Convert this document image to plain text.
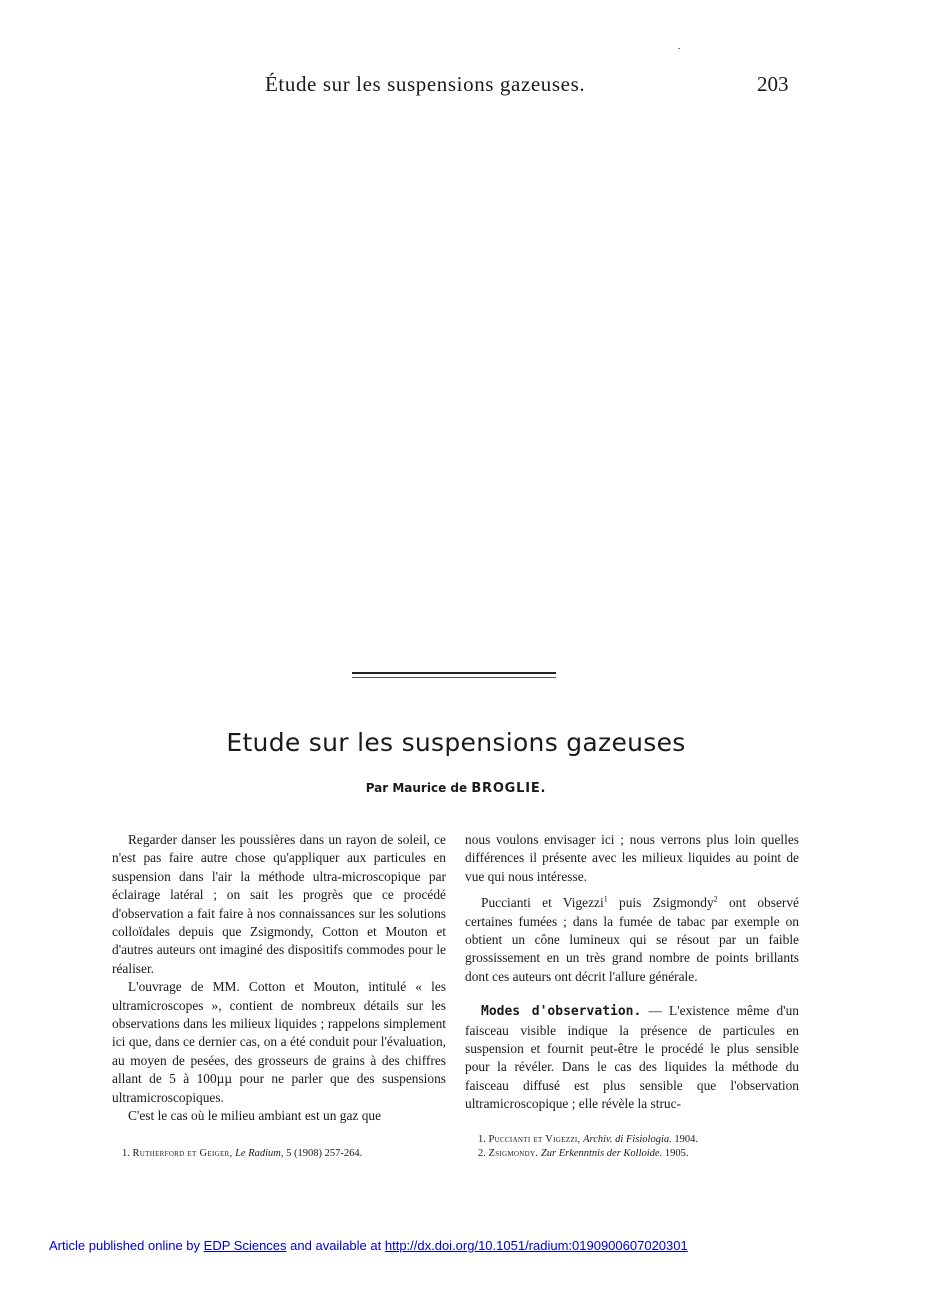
Étude sur les suspensions gazeuses.	203
Etude sur les suspensions gazeuses
Par Maurice de BROGLIE.

Regarder danser les poussières dans un rayon de soleil, ce n'est pas faire autre chose qu'appliquer aux particules en suspension dans l'air la méthode ultra-microscopique par éclairage latéral ; on sait les progrès que ce procédé d'observation a fait faire à nos connaissances sur les solutions colloïdales depuis que Zsigmondy, Cotton et Mouton et d'autres auteurs ont imaginé des dispositifs commodes pour le réaliser.

L'ouvrage de MM. Cotton et Mouton, intitulé « les ultramicroscopes », contient de nombreux détails sur les observations dans les milieux liquides ; rappelons simplement ici que, dans ce dernier cas, on a été conduit pour l'évaluation, au moyen de pesées, des grosseurs de grains à des chiffres allant de 5 à 100µµ pour ne parler que des suspensions ultramicroscopiques.

C'est le cas où le milieu ambiant est un gaz que

nous voulons envisager ici ; nous verrons plus loin quelles différences il présente avec les milieux liquides au point de vue qui nous intéresse.

Puccianti et Vigezzi$^1$ puis Zsigmondy$^2$ ont observé certaines fumées ; dans la fumée de tabac par exemple on obtient un cône lumineux qui se résout par un faible grossissement en un très grand nombre de points brillants dont ces auteurs ont décrit l'allure générale.

Modes d'observation. — L'existence même d'un faisceau visible indique la présence de particules en suspension et fournit peut-être le procédé le plus sensible pour la révéler. Dans le cas des liquides la méthode du faisceau diffusé est plus sensible que l'observation ultramicroscopique ; elle révèle la struc-

1. Rutherford et Geiger, Le Radium, 5 (1908) 257-264.
1. Puccianti et Vigezzi, Archiv. di Fisiologia. 1904.
2. Zsigmondy. Zur Erkenntnis der Kolloide. 1905.
Article published online by EDP Sciences and available at http://dx.doi.org/10.1051/radium:0190900607020301
